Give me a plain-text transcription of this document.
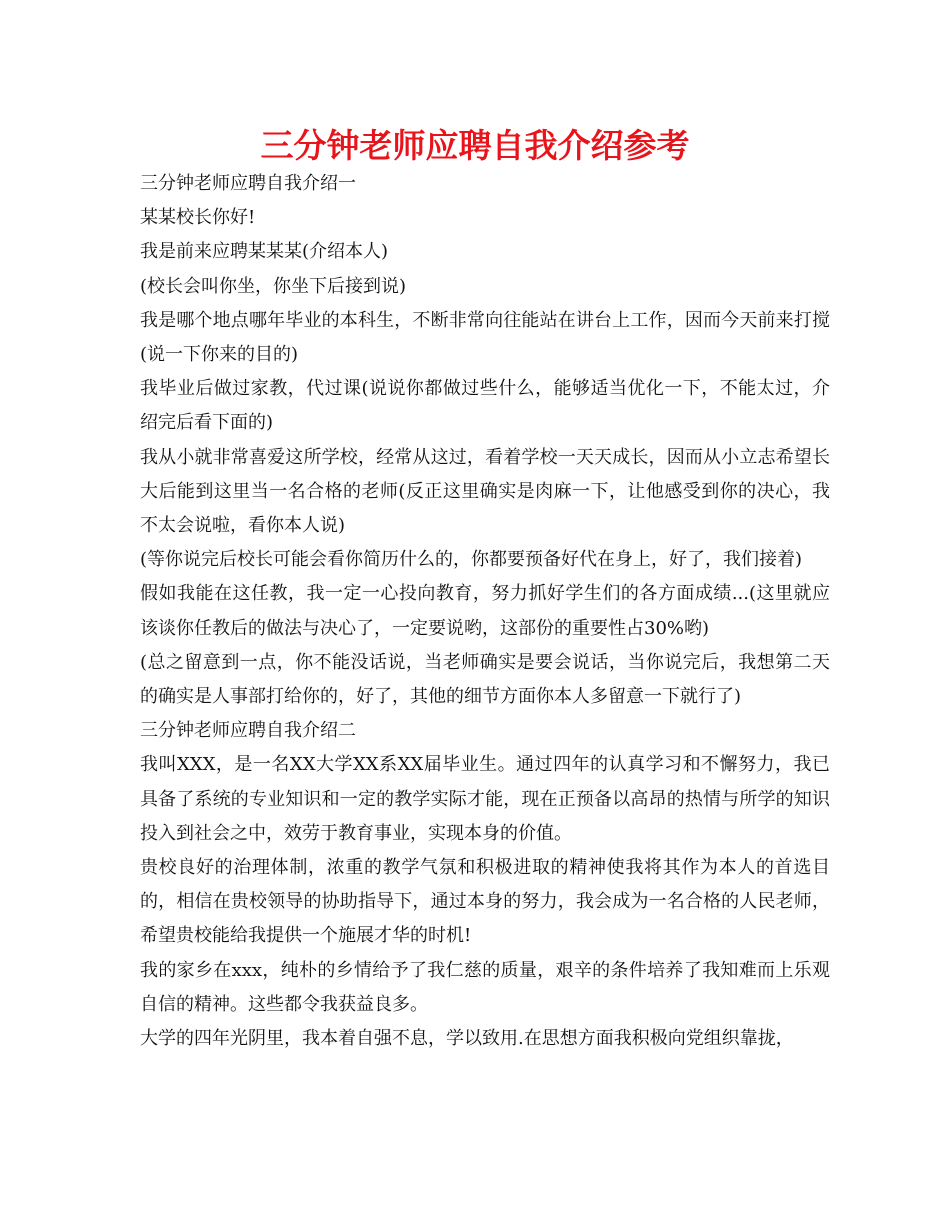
三分钟老师应聘自我介绍参考

三分钟老师应聘自我介绍一

某某校长你好!

我是前来应聘某某某(介绍本人)

(校长会叫你坐，你坐下后接到说)

我是哪个地点哪年毕业的本科生，不断非常向往能站在讲台上工作，因而今天前来打搅(说一下你来的目的)

我毕业后做过家教，代过课(说说你都做过些什么，能够适当优化一下，不能太过，介绍完后看下面的)

我从小就非常喜爱这所学校，经常从这过，看着学校一天天成长，因而从小立志希望长大后能到这里当一名合格的老师(反正这里确实是肉麻一下，让他感受到你的决心，我不太会说啦，看你本人说)

(等你说完后校长可能会看你简历什么的，你都要预备好代在身上，好了，我们接着)

假如我能在这任教，我一定一心投向教育，努力抓好学生们的各方面成绩...(这里就应该谈你任教后的做法与决心了，一定要说哟，这部份的重要性占30%哟)

(总之留意到一点，你不能没话说，当老师确实是要会说话，当你说完后，我想第二天的确实是人事部打给你的，好了，其他的细节方面你本人多留意一下就行了)

三分钟老师应聘自我介绍二

我叫XXX，是一名XX大学XX系XX届毕业生。通过四年的认真学习和不懈努力，我已具备了系统的专业知识和一定的教学实际才能，现在正预备以高昂的热情与所学的知识投入到社会之中，效劳于教育事业，实现本身的价值。

贵校良好的治理体制，浓重的教学气氛和积极进取的精神使我将其作为本人的首选目的，相信在贵校领导的协助指导下，通过本身的努力，我会成为一名合格的人民老师，希望贵校能给我提供一个施展才华的时机!

我的家乡在xxx，纯朴的乡情给予了我仁慈的质量，艰辛的条件培养了我知难而上乐观自信的精神。这些都令我获益良多。

大学的四年光阴里，我本着自强不息，学以致用.在思想方面我积极向党组织靠拢，
